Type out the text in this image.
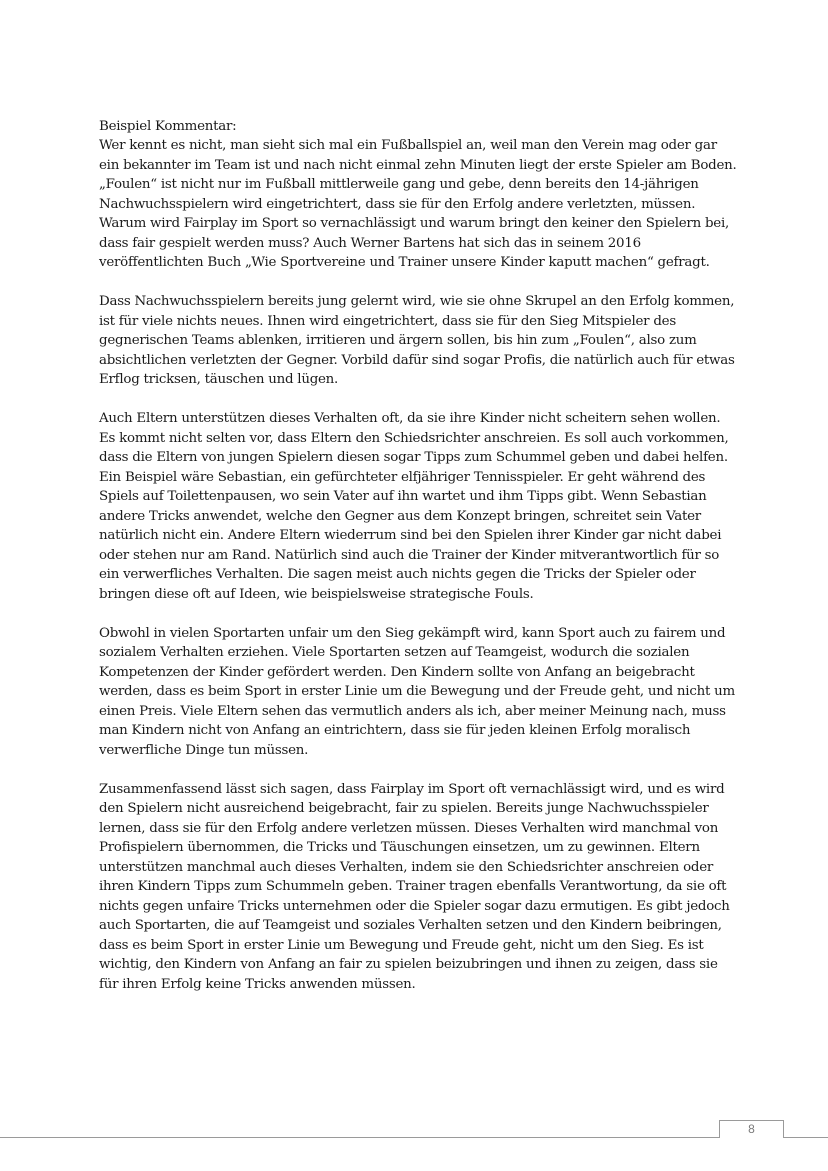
Beispiel Kommentar:
Wer kennt es nicht, man sieht sich mal ein Fußballspiel an, weil man den Verein mag oder gar ein bekannter im Team ist und nach nicht einmal zehn Minuten liegt der erste Spieler am Boden. „Foulen“ ist nicht nur im Fußball mittlerweile gang und gebe, denn bereits den 14-jährigen Nachwuchsspielern wird eingetrichtert, dass sie für den Erfolg andere verletzten, müssen. Warum wird Fairplay im Sport so vernachlässigt und warum bringt den keiner den Spielern bei, dass fair gespielt werden muss? Auch Werner Bartens hat sich das in seinem 2016 veröffentlichten Buch „Wie Sportvereine und Trainer unsere Kinder kaputt machen“ gefragt.

Dass Nachwuchsspielern bereits jung gelernt wird, wie sie ohne Skrupel an den Erfolg kommen, ist für viele nichts neues. Ihnen wird eingetrichtert, dass sie für den Sieg Mitspieler des gegnerischen Teams ablenken, irritieren und ärgern sollen, bis hin zum „Foulen“, also zum absichtlichen verletzten der Gegner. Vorbild dafür sind sogar Profis, die natürlich auch für etwas Erflog tricksen, täuschen und lügen.

Auch Eltern unterstützen dieses Verhalten oft, da sie ihre Kinder nicht scheitern sehen wollen. Es kommt nicht selten vor, dass Eltern den Schiedsrichter anschreien. Es soll auch vorkommen, dass die Eltern von jungen Spielern diesen sogar Tipps zum Schummel geben und dabei helfen. Ein Beispiel wäre Sebastian, ein gefürchteter elfjähriger Tennisspieler. Er geht während des Spiels auf Toilettenpausen, wo sein Vater auf ihn wartet und ihm Tipps gibt. Wenn Sebastian andere Tricks anwendet, welche den Gegner aus dem Konzept bringen, schreitet sein Vater natürlich nicht ein. Andere Eltern wiederrum sind bei den Spielen ihrer Kinder gar nicht dabei oder stehen nur am Rand. Natürlich sind auch die Trainer der Kinder mitverantwortlich für so ein verwerfliches Verhalten. Die sagen meist auch nichts gegen die Tricks der Spieler oder bringen diese oft auf Ideen, wie beispielsweise strategische Fouls.

Obwohl in vielen Sportarten unfair um den Sieg gekämpft wird, kann Sport auch zu fairem und sozialem Verhalten erziehen. Viele Sportarten setzen auf Teamgeist, wodurch die sozialen Kompetenzen der Kinder gefördert werden. Den Kindern sollte von Anfang an beigebracht werden, dass es beim Sport in erster Linie um die Bewegung und der Freude geht, und nicht um einen Preis. Viele Eltern sehen das vermutlich anders als ich, aber meiner Meinung nach, muss man Kindern nicht von Anfang an eintrichtern, dass sie für jeden kleinen Erfolg moralisch verwerfliche Dinge tun müssen.

Zusammenfassend lässt sich sagen, dass Fairplay im Sport oft vernachlässigt wird, und es wird den Spielern nicht ausreichend beigebracht, fair zu spielen. Bereits junge Nachwuchsspieler lernen, dass sie für den Erfolg andere verletzen müssen. Dieses Verhalten wird manchmal von Profispielern übernommen, die Tricks und Täuschungen einsetzen, um zu gewinnen. Eltern unterstützen manchmal auch dieses Verhalten, indem sie den Schiedsrichter anschreien oder ihren Kindern Tipps zum Schummeln geben. Trainer tragen ebenfalls Verantwortung, da sie oft nichts gegen unfaire Tricks unternehmen oder die Spieler sogar dazu ermutigen. Es gibt jedoch auch Sportarten, die auf Teamgeist und soziales Verhalten setzen und den Kindern beibringen, dass es beim Sport in erster Linie um Bewegung und Freude geht, nicht um den Sieg. Es ist wichtig, den Kindern von Anfang an fair zu spielen beizubringen und ihnen zu zeigen, dass sie für ihren Erfolg keine Tricks anwenden müssen.

8
